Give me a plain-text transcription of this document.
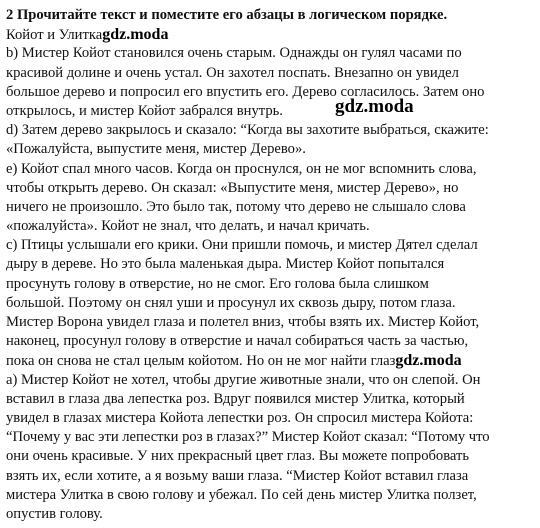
2 Прочитайте текст и поместите его абзацы в логическом порядке.
Койот и Улиткаgdz.moda
b) Мистер Койот становился очень старым. Однажды он гулял часами по
красивой долине и очень устал. Он захотел поспать. Внезапно он увидел
большое дерево и попросил его впустить его. Дерево согласилось. Затем оно
открылось, и мистер Койот забрался внутрь.
d) Затем дерево закрылось и сказало: “Когда вы захотите выбраться, скажите:
«Пожалуйста, выпустите меня, мистер Дерево».
e) Койот спал много часов. Когда он проснулся, он не мог вспомнить слова,
чтобы открыть дерево. Он сказал: «Выпустите меня, мистер Дерево», но
ничего не произошло. Это было так, потому что дерево не слышало слова
«пожалуйста». Койот не знал, что делать, и начал кричать.
c) Птицы услышали его крики. Они пришли помочь, и мистер Дятел сделал
дыру в дереве. Но это была маленькая дыра. Мистер Койот попытался
просунуть голову в отверстие, но не смог. Его голова была слишком
большой. Поэтому он снял уши и просунул их сквозь дыру, потом глаза.
Мистер Ворона увидел глаза и полетел вниз, чтобы взять их. Мистер Койот,
наконец, просунул голову в отверстие и начал собираться часть за частью,
пока он снова не стал целым койотом. Но он не мог найти глазgdz.moda
a) Мистер Койот не хотел, чтобы другие животные знали, что он слепой. Он
вставил в глаза два лепестка роз. Вдруг появился мистер Улитка, который
увидел в глазах мистера Койота лепестки роз. Он спросил мистера Койота:
“Почему у вас эти лепестки роз в глазах?” Мистер Койот сказал: “Потому что
они очень красивые. У них прекрасный цвет глаз. Вы можете попробовать
взять их, если хотите, а я возьму ваши глаза. “Мистер Койот вставил глаза
мистера Улитка в свою голову и убежал. По сей день мистер Улитка ползет,
опустив голову.
gdz.moda
